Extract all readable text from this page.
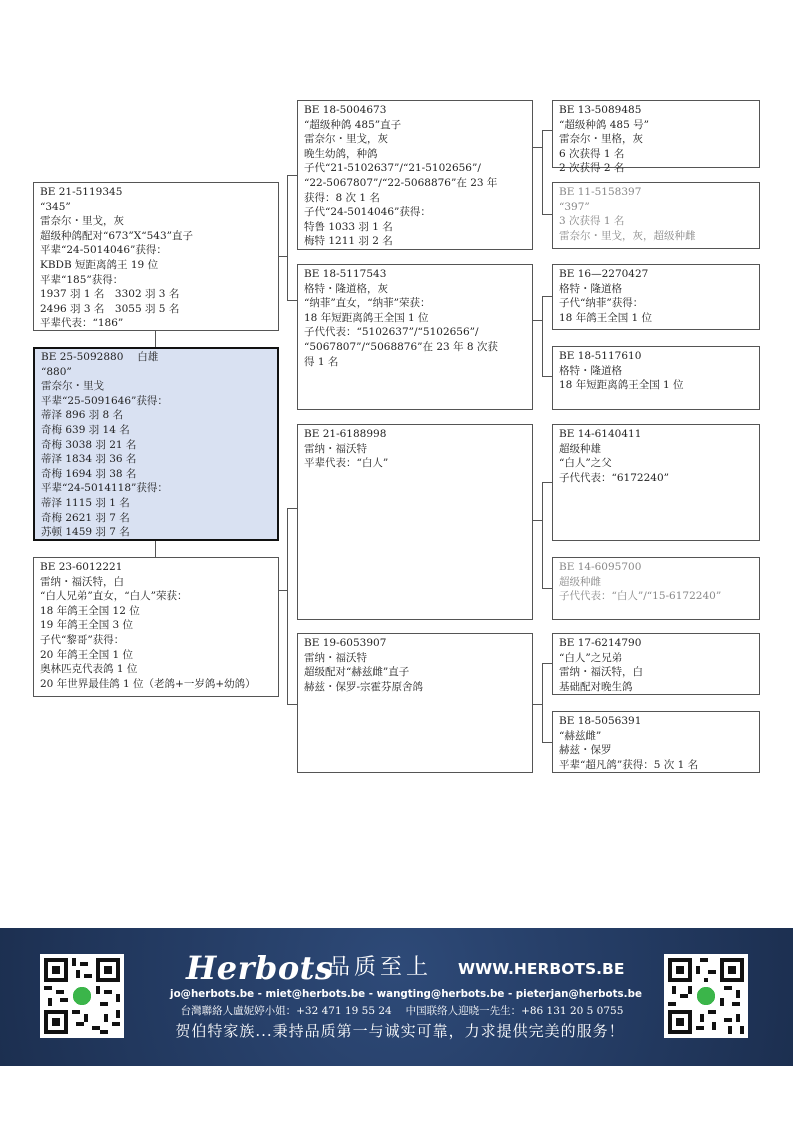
BE 21-5119345
“345”
雷奈尔・里戈，灰
超级种鸽配对“673”X“543”直子
平辈“24-5014046”获得：
KBDB 短距离鸽王 19 位
平辈“185”获得：
1937 羽 1 名　3302 羽 3 名
2496 羽 3 名　3055 羽 5 名
平辈代表：“186”
BE 25-5092880　 白雄
“880”
雷奈尔・里戈
平辈“25-5091646”获得：
蒂泽 896 羽 8 名
奇梅 639 羽 14 名
奇梅 3038 羽 21 名
蒂泽 1834 羽 36 名
奇梅 1694 羽 38 名
平辈“24-5014118”获得：
蒂泽 1115 羽 1 名
奇梅 2621 羽 7 名
苏顿 1459 羽 7 名
BE 23-6012221
雷纳・福沃特，白
“白人兄弟”直女，“白人”荣获：
18 年鸽王全国 12 位
19 年鸽王全国 3 位
子代“黎哥”获得：
20 年鸽王全国 1 位
奥林匹克代表鸽 1 位
20 年世界最佳鸽 1 位（老鸽+一岁鸽+幼鸽）
BE 18-5004673
“超级种鸽 485”直子
雷奈尔・里戈，灰
晚生幼鸽，种鸽
子代“21-5102637”/“21-5102656”/
“22-5067807”/“22-5068876”在 23 年
获得：8 次 1 名
子代“24-5014046”获得：
特鲁 1033 羽 1 名
梅特 1211 羽 2 名
BE 18-5117543
格特・隆道格，灰
“纳菲”直女，“纳菲”荣获：
18 年短距离鸽王全国 1 位
子代代表：“5102637”/“5102656”/
“5067807”/“5068876”在 23 年 8 次获
得 1 名
BE 21-6188998
雷纳・福沃特
平辈代表：“白人”
BE 19-6053907
雷纳・福沃特
超级配对“赫兹雌”直子
赫兹・保罗-宗霍芬原舍鸽
BE 13-5089485
“超级种鸽 485 号”
雷奈尔・里格，灰
6 次获得 1 名
2 次获得 2 名
BE 11-5158397
“397”
3 次获得 1 名
雷奈尔・里戈，灰，超级种雌
BE 16—2270427
格特・隆道格
子代“纳菲”获得：
18 年鸽王全国 1 位
BE 18-5117610
格特・隆道格
18 年短距离鸽王全国 1 位
BE 14-6140411
超级种雄
“白人”之父
子代代表：“6172240”
BE 14-6095700
超级种雌
子代代表：“白人”/“15-6172240”
BE 17-6214790
“白人”之兄弟
雷纳・福沃特，白
基础配对晚生鸽
BE 18-5056391
“赫兹雌”
赫兹・保罗
平辈“超凡鸽”获得：5 次 1 名
Herbots
品质至上 WWW.HERBOTS.BE
jo@herbots.be - miet@herbots.be - wangting@herbots.be - pieterjan@herbots.be
台灣聯絡人盧妮婷小姐：+32 471 19 55 24　 中国联络人迎晓一先生：+86 131 20 5 0755
贺伯特家族...秉持品质第一与诚实可靠，力求提供完美的服务！
